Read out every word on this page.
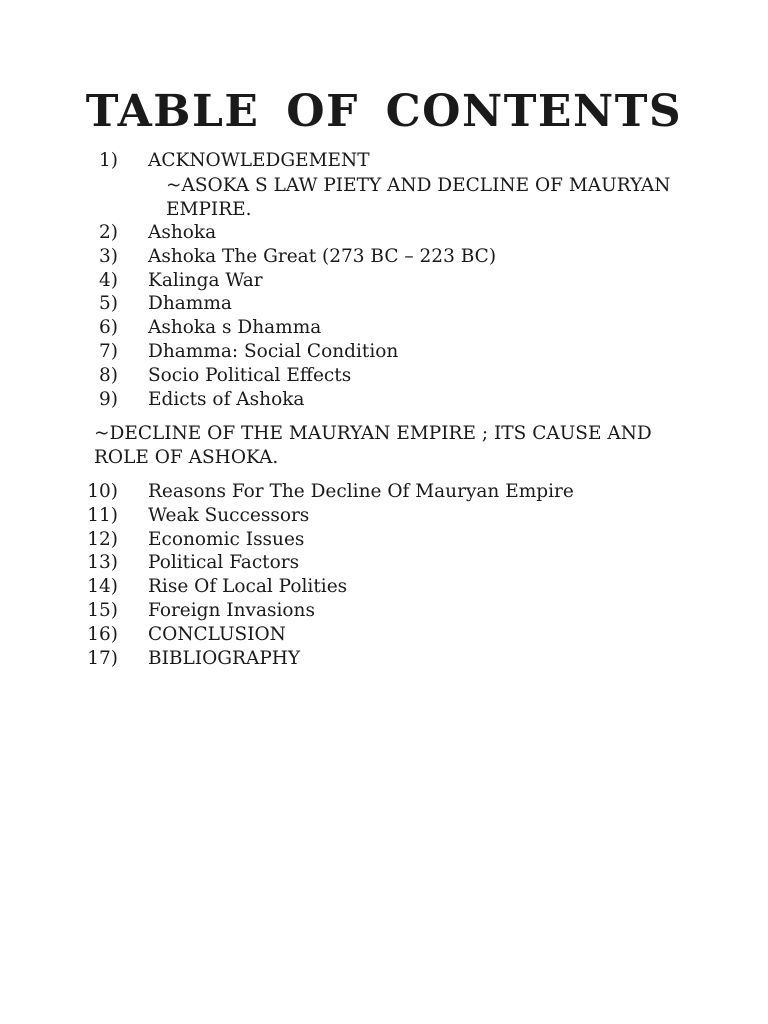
TABLE OF CONTENTS
1) ACKNOWLEDGEMENT
~ASOKA S LAW PIETY AND DECLINE OF MAURYAN EMPIRE.
2) Ashoka
3) Ashoka The Great (273 BC – 223 BC)
4) Kalinga War
5) Dhamma
6) Ashoka s Dhamma
7) Dhamma: Social Condition
8) Socio Political Effects
9) Edicts of Ashoka

~DECLINE OF THE MAURYAN EMPIRE ; ITS CAUSE AND ROLE OF ASHOKA.

10) Reasons For The Decline Of Mauryan Empire
11) Weak Successors
12) Economic Issues
13) Political Factors
14) Rise Of Local Polities
15) Foreign Invasions
16) CONCLUSION
17) BIBLIOGRAPHY
